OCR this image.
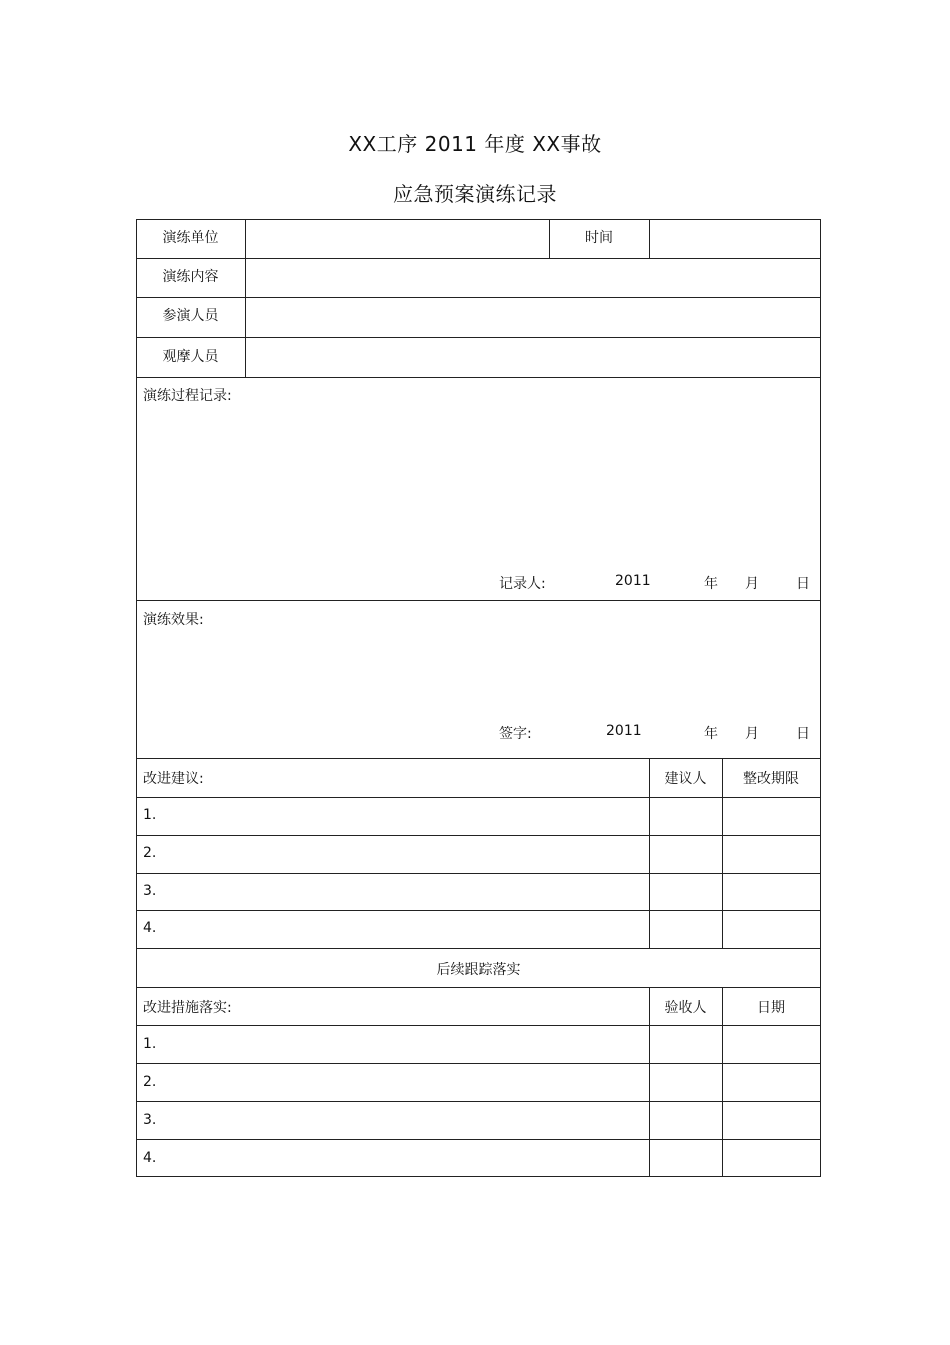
XX工序 2011 年度 XX事故
应急预案演练记录
演练单位	时间
演练内容
参演人员
观摩人员
演练过程记录:
记录人:	2011	年 月	日
演练效果:
签字:	2011	年 月	日
改进建议:	建议人	整改期限
1.
2.
3.
4.
后续跟踪落实
改进措施落实:	验收人	日期
1.
2.
3.
4.
